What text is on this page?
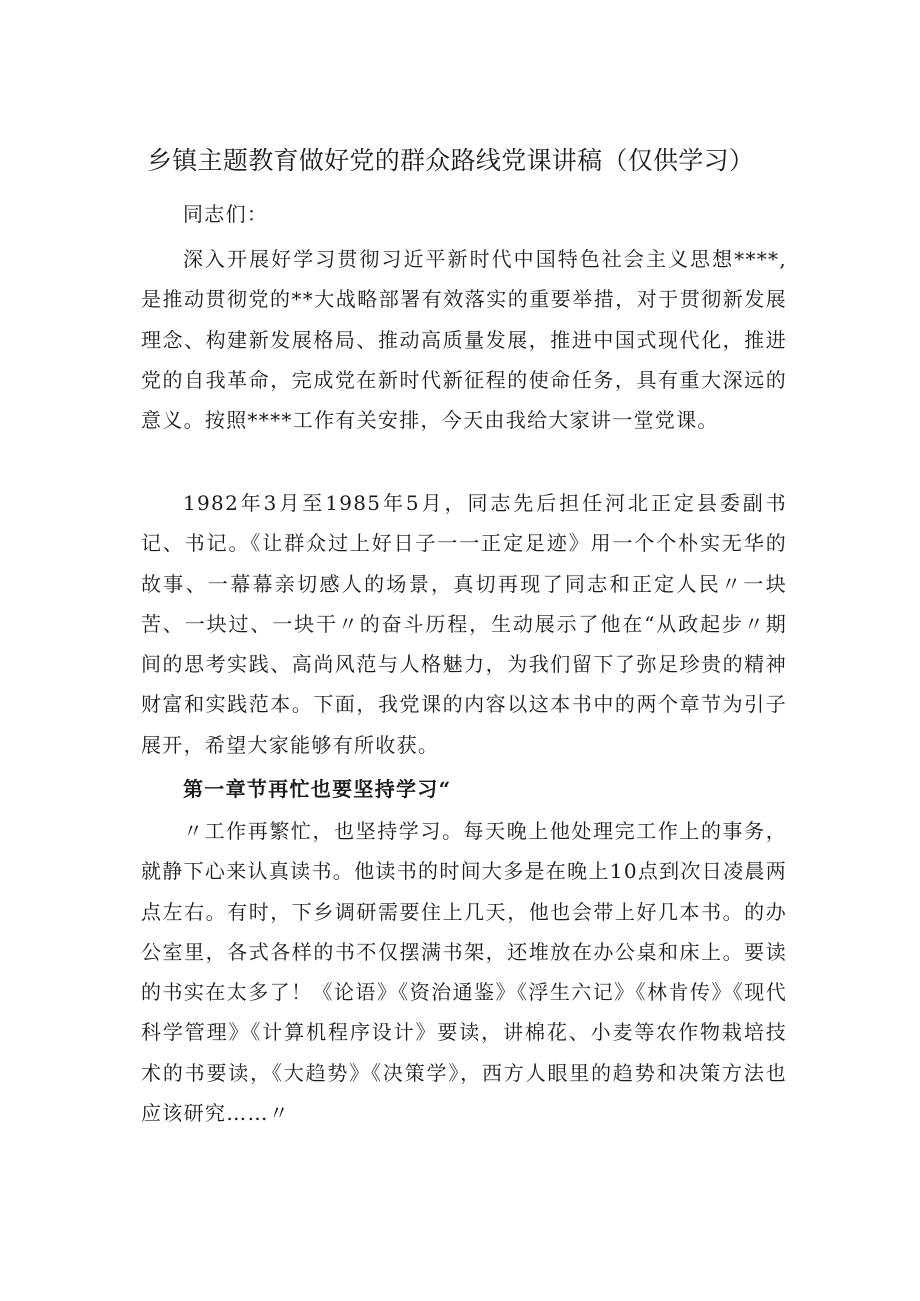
乡镇主题教育做好党的群众路线党课讲稿（仅供学习）

同志们：

深入开展好学习贯彻习近平新时代中国特色社会主义思想****,是推动贯彻党的**大战略部署有效落实的重要举措，对于贯彻新发展理念、构建新发展格局、推动高质量发展，推进中国式现代化，推进党的自我革命，完成党在新时代新征程的使命任务，具有重大深远的意义。按照****工作有关安排，今天由我给大家讲一堂党课。

1982年3月至1985年5月，同志先后担任河北正定县委副书记、书记。《让群众过上好日子一一正定足迹》用一个个朴实无华的故事、一幕幕亲切感人的场景，真切再现了同志和正定人民〃一块苦、一块过、一块干〃的奋斗历程，生动展示了他在“从政起步〃期间的思考实践、高尚风范与人格魅力，为我们留下了弥足珍贵的精神财富和实践范本。下面，我党课的内容以这本书中的两个章节为引子展开，希望大家能够有所收获。

第一章节再忙也要坚持学习“

〃工作再繁忙，也坚持学习。每天晚上他处理完工作上的事务，就静下心来认真读书。他读书的时间大多是在晚上10点到次日凌晨两点左右。有时，下乡调研需要住上几天，他也会带上好几本书。的办公室里，各式各样的书不仅摆满书架，还堆放在办公桌和床上。要读的书实在太多了！《论语》《资治通鉴》《浮生六记》《林肯传》《现代科学管理》《计算机程序设计》要读，讲棉花、小麦等农作物栽培技术的书要读，《大趋势》《决策学》，西方人眼里的趋势和决策方法也应该研究……〃
